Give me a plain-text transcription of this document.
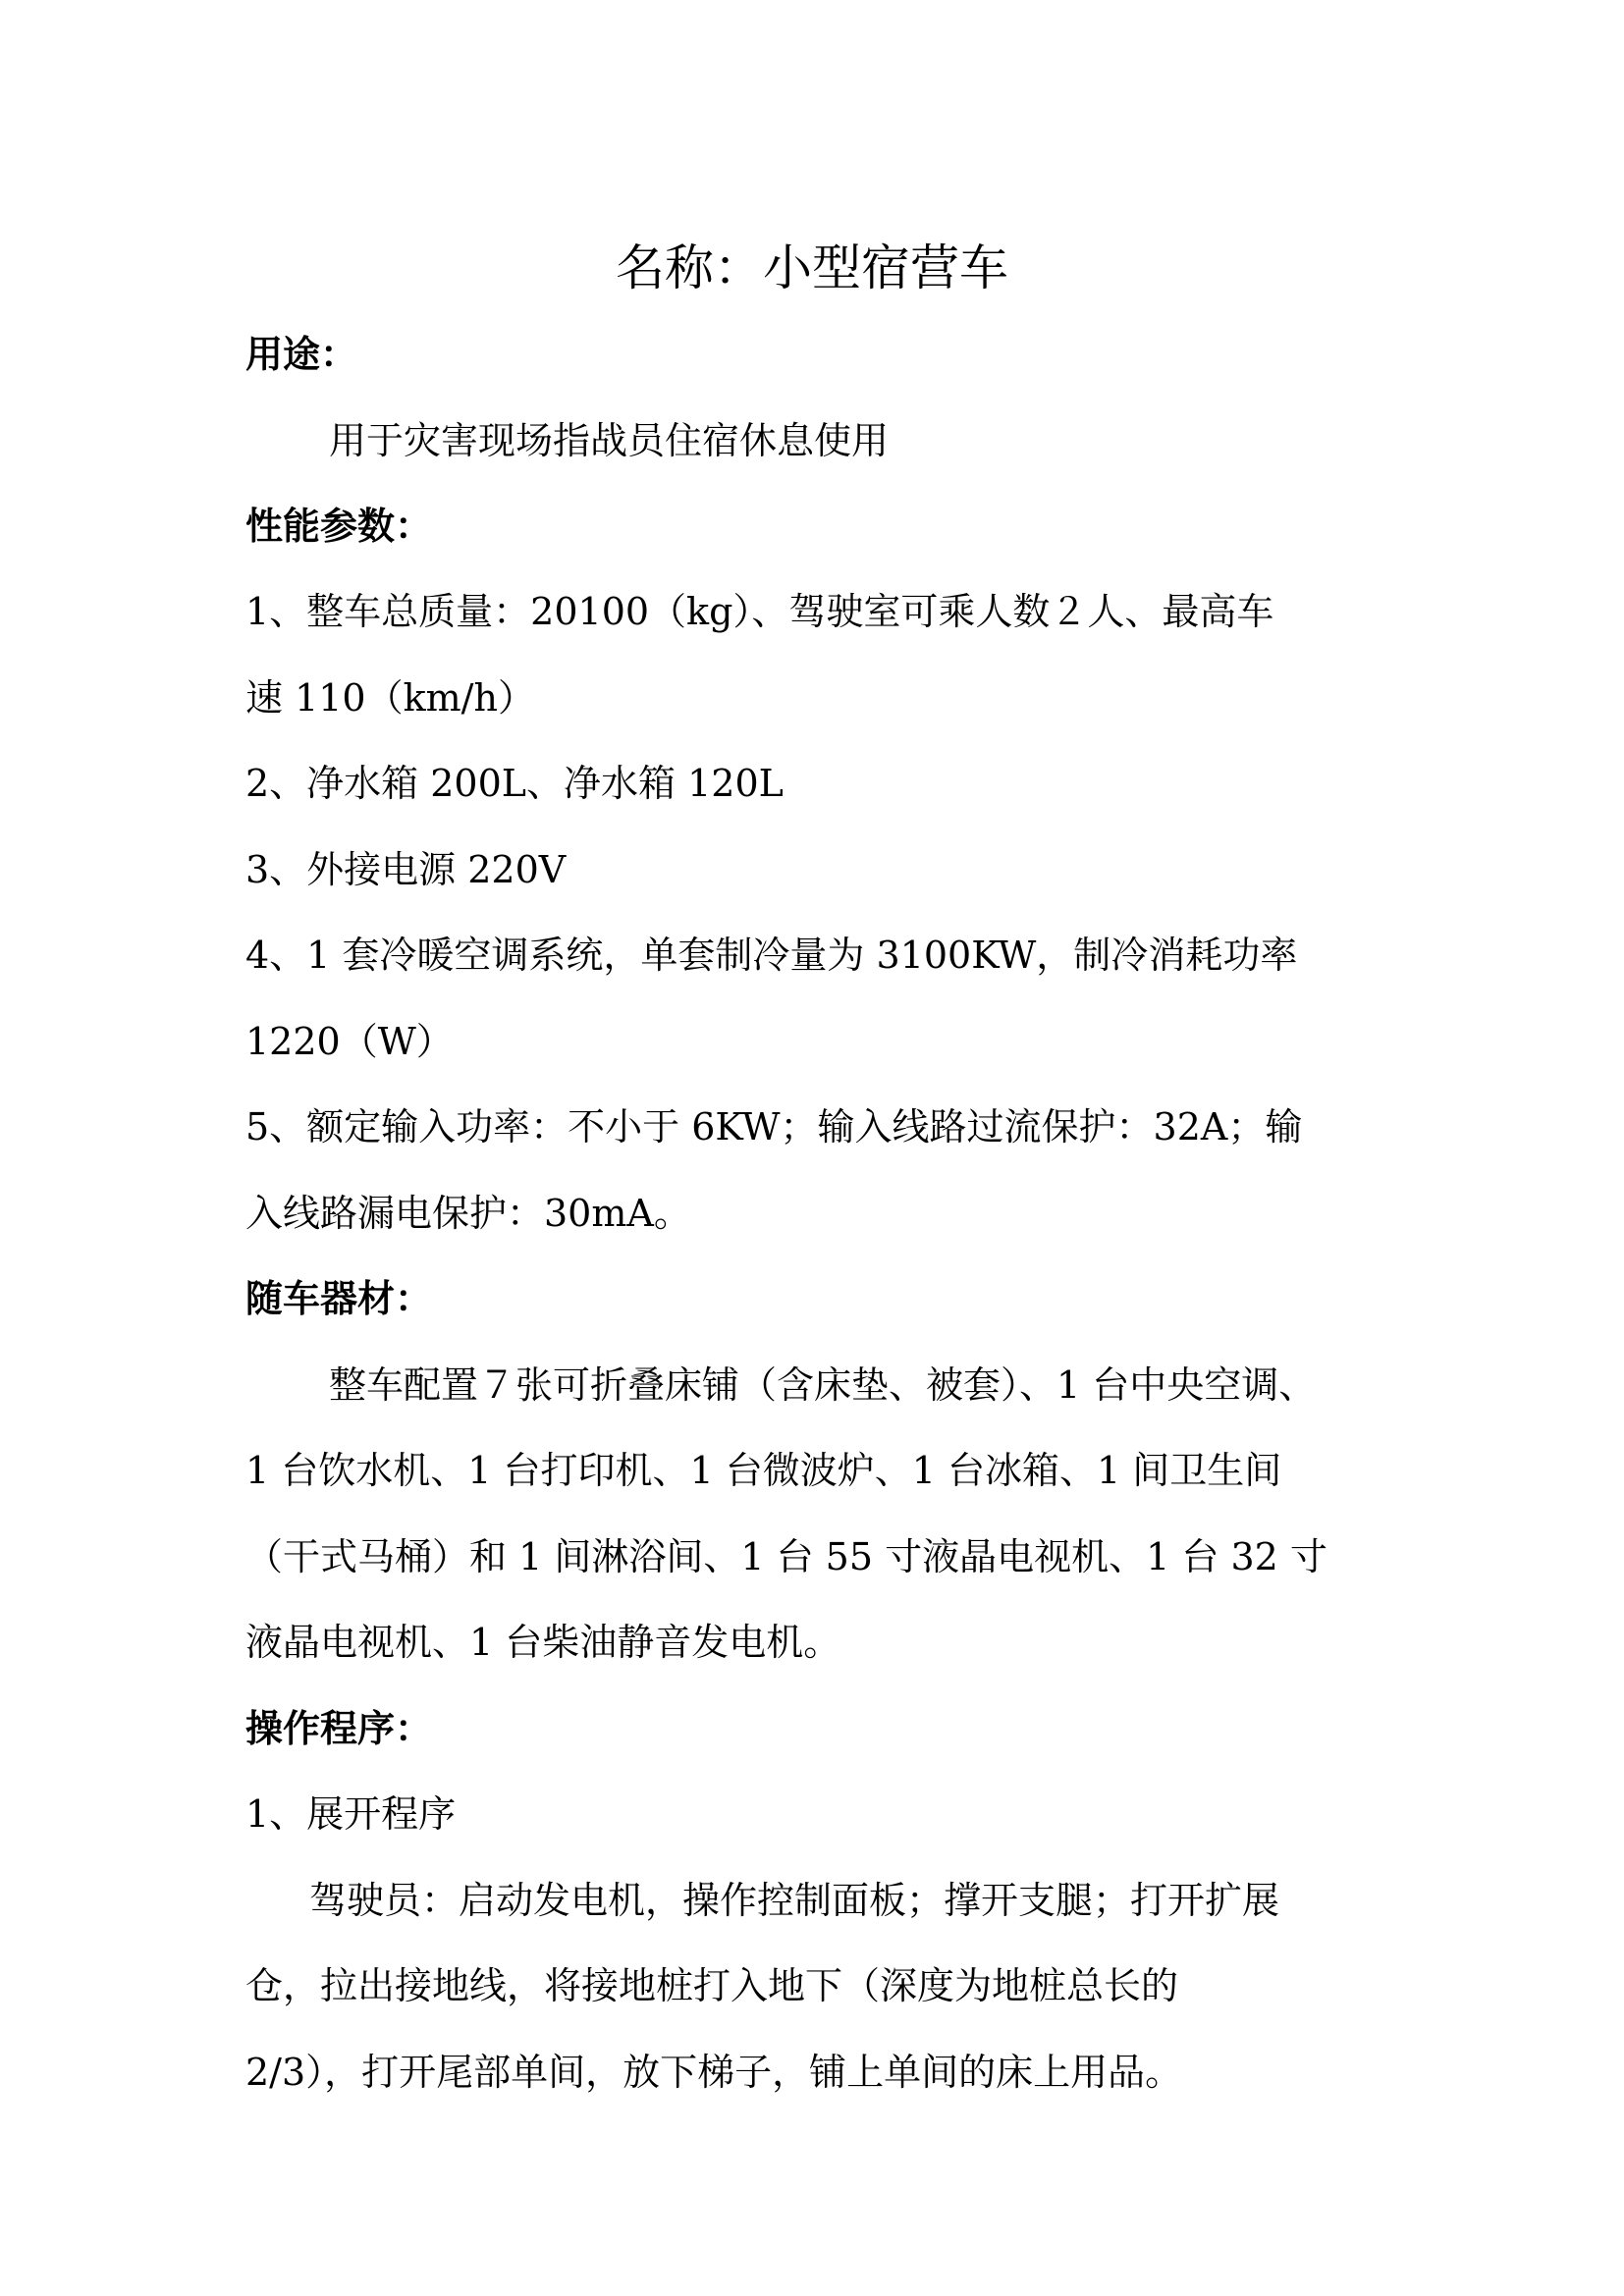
名称：小型宿营车
用途：
用于灾害现场指战员住宿休息使用
性能参数：
1、整车总质量：20100（kg）、驾驶室可乘人数２人、最高车
速 110（km/h）
2、净水箱 200L、净水箱 120L
3、外接电源 220V
4、1 套冷暖空调系统，单套制冷量为 3100KW，制冷消耗功率
1220（W）
5、额定输入功率：不小于 6KW；输入线路过流保护：32A；输
入线路漏电保护：30mA。
随车器材：
整车配置７张可折叠床铺（含床垫、被套）、1 台中央空调、
1 台饮水机、1 台打印机、1 台微波炉、1 台冰箱、1 间卫生间
（干式马桶）和 1 间淋浴间、1 台 55 寸液晶电视机、1 台 32 寸
液晶电视机、1 台柴油静音发电机。
操作程序：
1、展开程序
驾驶员：启动发电机，操作控制面板；撑开支腿；打开扩展
仓，拉出接地线，将接地桩打入地下（深度为地桩总长的
2/3），打开尾部单间，放下梯子，铺上单间的床上用品。
